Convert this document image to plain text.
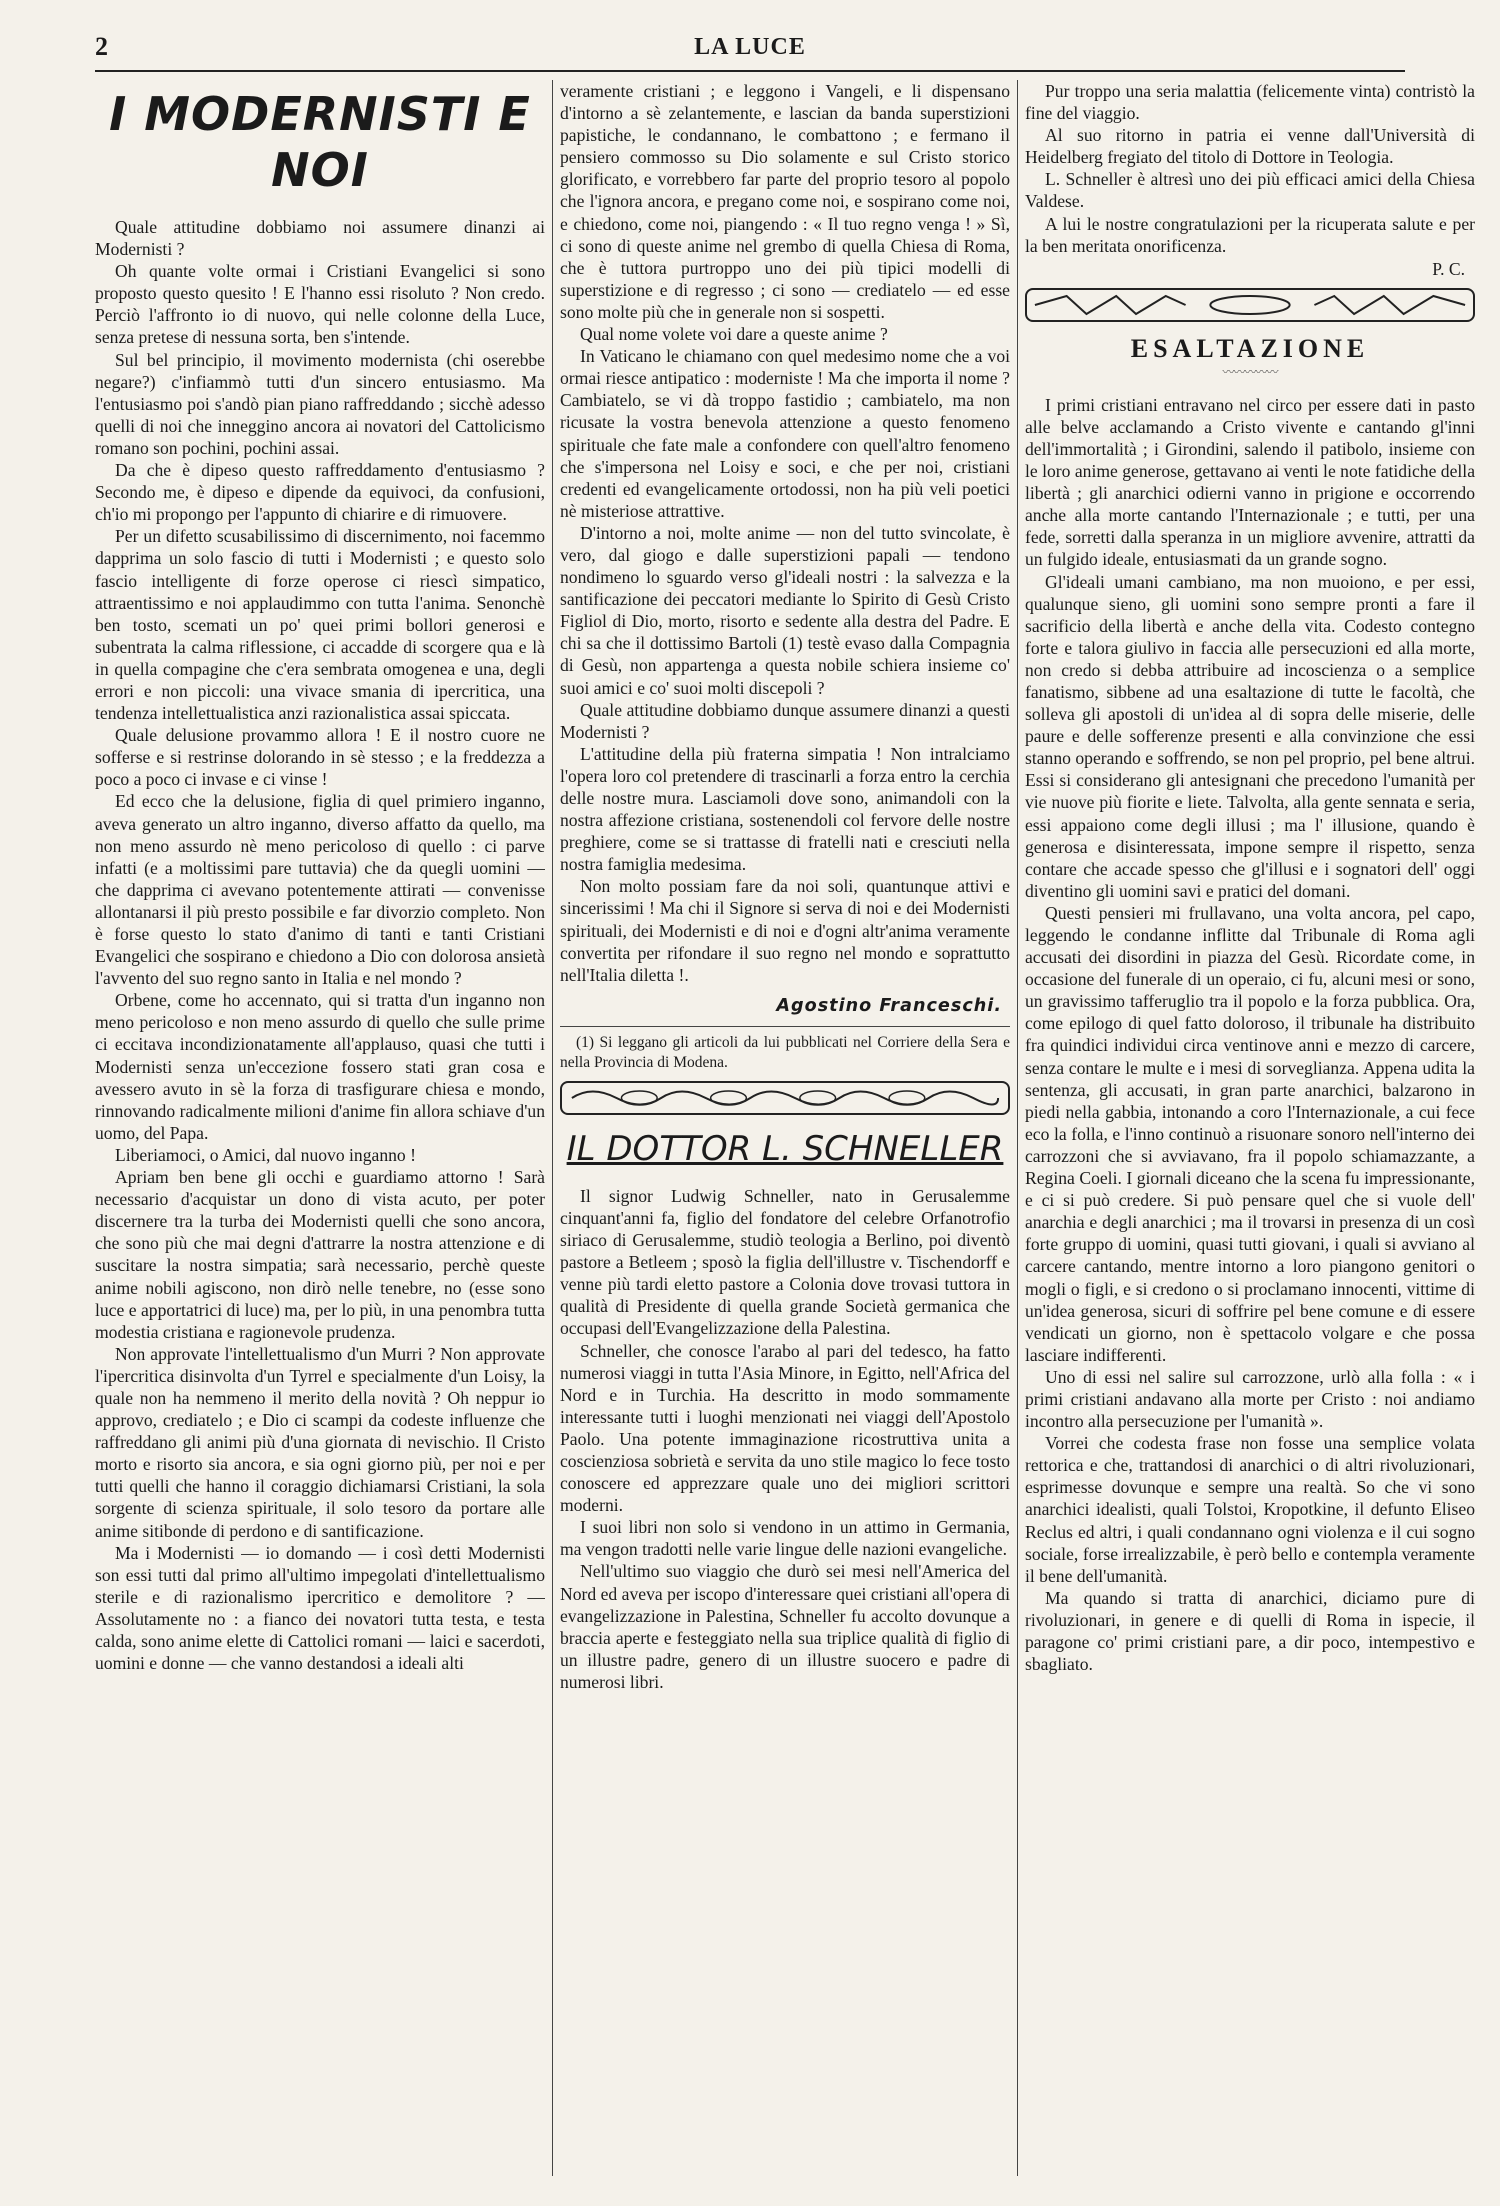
2	LA LUCE
I MODERNISTI E NOI

Quale attitudine dobbiamo noi assumere dinanzi ai Modernisti ?

Oh quante volte ormai i Cristiani Evangelici si sono proposto questo quesito ! E l'hanno essi risoluto ? Non credo. Perciò l'affronto io di nuovo, qui nelle colonne della Luce, senza pretese di nessuna sorta, ben s'intende.

Sul bel principio, il movimento modernista (chi oserebbe negare?) c'infiammò tutti d'un sincero entusiasmo. Ma l'entusiasmo poi s'andò pian piano raffreddando ; sicchè adesso quelli di noi che inneggino ancora ai novatori del Cattolicismo romano son pochini, pochini assai.

Da che è dipeso questo raffreddamento d'entusiasmo ? Secondo me, è dipeso e dipende da equivoci, da confusioni, ch'io mi propongo per l'appunto di chiarire e di rimuovere.

Per un difetto scusabilissimo di discernimento, noi facemmo dapprima un solo fascio di tutti i Modernisti ; e questo solo fascio intelligente di forze operose ci riescì simpatico, attraentissimo e noi applaudimmo con tutta l'anima. Senonchè ben tosto, scemati un po' quei primi bollori generosi e subentrata la calma riflessione, ci accadde di scorgere qua e là in quella compagine che c'era sembrata omogenea e una, degli errori e non piccoli: una vivace smania di ipercritica, una tendenza intellettualistica anzi razionalistica assai spiccata.

Quale delusione provammo allora ! E il nostro cuore ne sofferse e si restrinse dolorando in sè stesso ; e la freddezza a poco a poco ci invase e ci vinse !

Ed ecco che la delusione, figlia di quel primiero inganno, aveva generato un altro inganno, diverso affatto da quello, ma non meno assurdo nè meno pericoloso di quello : ci parve infatti (e a moltissimi pare tuttavia) che da quegli uomini — che dapprima ci avevano potentemente attirati — convenisse allontanarsi il più presto possibile e far divorzio completo. Non è forse questo lo stato d'animo di tanti e tanti Cristiani Evangelici che sospirano e chiedono a Dio con dolorosa ansietà l'avvento del suo regno santo in Italia e nel mondo ?

Orbene, come ho accennato, qui si tratta d'un inganno non meno pericoloso e non meno assurdo di quello che sulle prime ci eccitava incondizionatamente all'applauso, quasi che tutti i Modernisti senza un'eccezione fossero stati gran cosa e avessero avuto in sè la forza di trasfigurare chiesa e mondo, rinnovando radicalmente milioni d'anime fin allora schiave d'un uomo, del Papa.

Liberiamoci, o Amici, dal nuovo inganno !

Apriam ben bene gli occhi e guardiamo attorno ! Sarà necessario d'acquistar un dono di vista acuto, per poter discernere tra la turba dei Modernisti quelli che sono ancora, che sono più che mai degni d'attrarre la nostra attenzione e di suscitare la nostra simpatia; sarà necessario, perchè queste anime nobili agiscono, non dirò nelle tenebre, no (esse sono luce e apportatrici di luce) ma, per lo più, in una penombra tutta modestia cristiana e ragionevole prudenza.

Non approvate l'intellettualismo d'un Murri ? Non approvate l'ipercritica disinvolta d'un Tyrrel e specialmente d'un Loisy, la quale non ha nemmeno il merito della novità ? Oh neppur io approvo, crediatelo ; e Dio ci scampi da codeste influenze che raffreddano gli animi più d'una giornata di nevischio. Il Cristo morto e risorto sia ancora, e sia ogni giorno più, per noi e per tutti quelli che hanno il coraggio dichiamarsi Cristiani, la sola sorgente di scienza spirituale, il solo tesoro da portare alle anime sitibonde di perdono e di santificazione.

Ma i Modernisti — io domando — i così detti Modernisti son essi tutti dal primo all'ultimo impegolati d'intellettualismo sterile e di razionalismo ipercritico e demolitore ? — Assolutamente no : a fianco dei novatori tutta testa, e testa calda, sono anime elette di Cattolici romani — laici e sacerdoti, uomini e donne — che vanno destandosi a ideali alti

veramente cristiani ; e leggono i Vangeli, e li dispensano d'intorno a sè zelantemente, e lascian da banda superstizioni papistiche, le condannano, le combattono ; e fermano il pensiero commosso su Dio solamente e sul Cristo storico glorificato, e vorrebbero far parte del proprio tesoro al popolo che l'ignora ancora, e pregano come noi, e sospirano come noi, e chiedono, come noi, piangendo : « Il tuo regno venga ! » Sì, ci sono di queste anime nel grembo di quella Chiesa di Roma, che è tuttora purtroppo uno dei più tipici modelli di superstizione e di regresso ; ci sono — crediatelo — ed esse sono molte più che in generale non si sospetti.

Qual nome volete voi dare a queste anime ?

In Vaticano le chiamano con quel medesimo nome che a voi ormai riesce antipatico : moderniste ! Ma che importa il nome ? Cambiatelo, se vi dà troppo fastidio ; cambiatelo, ma non ricusate la vostra benevola attenzione a questo fenomeno spirituale che fate male a confondere con quell'altro fenomeno che s'impersona nel Loisy e soci, e che per noi, cristiani credenti ed evangelicamente ortodossi, non ha più veli poetici nè misteriose attrattive.

D'intorno a noi, molte anime — non del tutto svincolate, è vero, dal giogo e dalle superstizioni papali — tendono nondimeno lo sguardo verso gl'ideali nostri : la salvezza e la santificazione dei peccatori mediante lo Spirito di Gesù Cristo Figliol di Dio, morto, risorto e sedente alla destra del Padre. E chi sa che il dottissimo Bartoli (1) testè evaso dalla Compagnia di Gesù, non appartenga a questa nobile schiera insieme co' suoi amici e co' suoi molti discepoli ?

Quale attitudine dobbiamo dunque assumere dinanzi a questi Modernisti ?

L'attitudine della più fraterna simpatia ! Non intralciamo l'opera loro col pretendere di trascinarli a forza entro la cerchia delle nostre mura. Lasciamoli dove sono, animandoli con la nostra affezione cristiana, sostenendoli col fervore delle nostre preghiere, come se si trattasse di fratelli nati e cresciuti nella nostra famiglia medesima.

Non molto possiam fare da noi soli, quantunque attivi e sincerissimi ! Ma chi il Signore si serva di noi e dei Modernisti spirituali, dei Modernisti e di noi e d'ogni altr'anima veramente convertita per rifondare il suo regno nel mondo e soprattutto nell'Italia diletta !.

Agostino Franceschi.

(1) Si leggano gli articoli da lui pubblicati nel Corriere della Sera e nella Provincia di Modena.

IL DOTTOR L. SCHNELLER

Il signor Ludwig Schneller, nato in Gerusalemme cinquant'anni fa, figlio del fondatore del celebre Orfanotrofio siriaco di Gerusalemme, studiò teologia a Berlino, poi diventò pastore a Betleem ; sposò la figlia dell'illustre v. Tischendorff e venne più tardi eletto pastore a Colonia dove trovasi tuttora in qualità di Presidente di quella grande Società germanica che occupasi dell'Evangelizzazione della Palestina.

Schneller, che conosce l'arabo al pari del tedesco, ha fatto numerosi viaggi in tutta l'Asia Minore, in Egitto, nell'Africa del Nord e in Turchia. Ha descritto in modo sommamente interessante tutti i luoghi menzionati nei viaggi dell'Apostolo Paolo. Una potente immaginazione ricostruttiva unita a coscienziosa sobrietà e servita da uno stile magico lo fece tosto conoscere ed apprezzare quale uno dei migliori scrittori moderni.

I suoi libri non solo si vendono in un attimo in Germania, ma vengon tradotti nelle varie lingue delle nazioni evangeliche.

Nell'ultimo suo viaggio che durò sei mesi nell'America del Nord ed aveva per iscopo d'interessare quei cristiani all'opera di evangelizzazione in Palestina, Schneller fu accolto dovunque a braccia aperte e festeggiato nella sua triplice qualità di figlio di un illustre padre, genero di un illustre suocero e padre di numerosi libri.

Pur troppo una seria malattia (felicemente vinta) contristò la fine del viaggio.

Al suo ritorno in patria ei venne dall'Università di Heidelberg fregiato del titolo di Dottore in Teologia.

L. Schneller è altresì uno dei più efficaci amici della Chiesa Valdese.

A lui le nostre congratulazioni per la ricuperata salute e per la ben meritata onorificenza.

P. C.
ESALTAZIONE
〰〰〰〰〰

I primi cristiani entravano nel circo per essere dati in pasto alle belve acclamando a Cristo vivente e cantando gl'inni dell'immortalità ; i Girondini, salendo il patibolo, insieme con le loro anime generose, gettavano ai venti le note fatidiche della libertà ; gli anarchici odierni vanno in prigione e occorrendo anche alla morte cantando l'Internazionale ; e tutti, per una fede, sorretti dalla speranza in un migliore avvenire, attratti da un fulgido ideale, entusiasmati da un grande sogno.

Gl'ideali umani cambiano, ma non muoiono, e per essi, qualunque sieno, gli uomini sono sempre pronti a fare il sacrificio della libertà e anche della vita. Codesto contegno forte e talora giulivo in faccia alle persecuzioni ed alla morte, non credo si debba attribuire ad incoscienza o a semplice fanatismo, sibbene ad una esaltazione di tutte le facoltà, che solleva gli apostoli di un'idea al di sopra delle miserie, delle paure e delle sofferenze presenti e alla convinzione che essi stanno operando e soffrendo, se non pel proprio, pel bene altrui. Essi si considerano gli antesignani che precedono l'umanità per vie nuove più fiorite e liete. Talvolta, alla gente sennata e seria, essi appaiono come degli illusi ; ma l' illusione, quando è generosa e disinteressata, impone sempre il rispetto, senza contare che accade spesso che gl'illusi e i sognatori dell' oggi diventino gli uomini savi e pratici del domani.

Questi pensieri mi frullavano, una volta ancora, pel capo, leggendo le condanne inflitte dal Tribunale di Roma agli accusati dei disordini in piazza del Gesù. Ricordate come, in occasione del funerale di un operaio, ci fu, alcuni mesi or sono, un gravissimo tafferuglio tra il popolo e la forza pubblica. Ora, come epilogo di quel fatto doloroso, il tribunale ha distribuito fra quindici individui circa ventinove anni e mezzo di carcere, senza contare le multe e i mesi di sorveglianza. Appena udita la sentenza, gli accusati, in gran parte anarchici, balzarono in piedi nella gabbia, intonando a coro l'Internazionale, a cui fece eco la folla, e l'inno continuò a risuonare sonoro nell'interno dei carrozzoni che si avviavano, fra il popolo schiamazzante, a Regina Coeli. I giornali diceano che la scena fu impressionante, e ci si può credere. Si può pensare quel che si vuole dell' anarchia e degli anarchici ; ma il trovarsi in presenza di un così forte gruppo di uomini, quasi tutti giovani, i quali si avviano al carcere cantando, mentre intorno a loro piangono genitori o mogli o figli, e si credono o si proclamano innocenti, vittime di un'idea generosa, sicuri di soffrire pel bene comune e di essere vendicati un giorno, non è spettacolo volgare e che possa lasciare indifferenti.

Uno di essi nel salire sul carrozzone, urlò alla folla : « i primi cristiani andavano alla morte per Cristo : noi andiamo incontro alla persecuzione per l'umanità ».

Vorrei che codesta frase non fosse una semplice volata rettorica e che, trattandosi di anarchici o di altri rivoluzionari, esprimesse dovunque e sempre una realtà. So che vi sono anarchici idealisti, quali Tolstoi, Kropotkine, il defunto Eliseo Reclus ed altri, i quali condannano ogni violenza e il cui sogno sociale, forse irrealizzabile, è però bello e contempla veramente il bene dell'umanità.

Ma quando si tratta di anarchici, diciamo pure di rivoluzionari, in genere e di quelli di Roma in ispecie, il paragone co' primi cristiani pare, a dir poco, intempestivo e sbagliato.
